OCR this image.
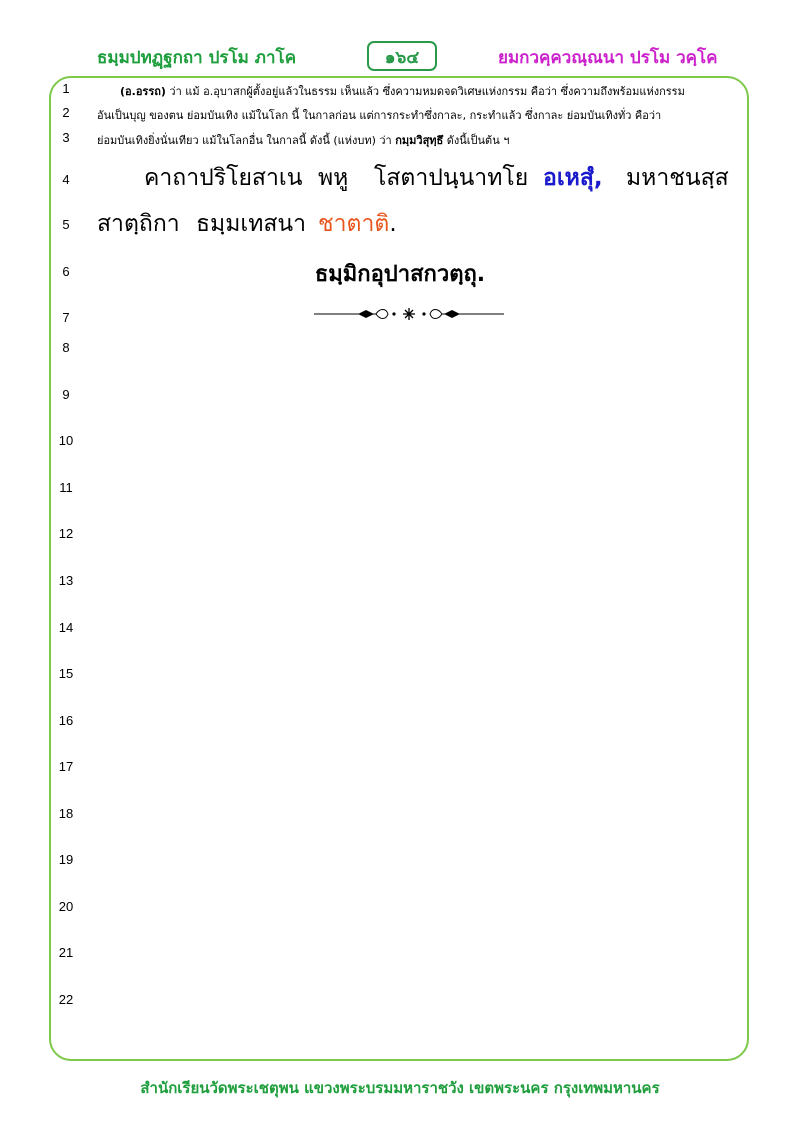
ธมฺมปทฏฺฐกถา ปรโม ภาโค	๑๖๔	ยมกวคฺควณฺณนา ปรโม วคฺโค
1	(อ.อรรถ) ว่า แม้ อ.อุบาสกผู้ตั้งอยู่แล้วในธรรม เห็นแล้ว ซึ่งความหมดจดวิเศษแห่งกรรม คือว่า ซึ่งความถึงพร้อมแห่งกรรม
2	อันเป็นบุญ ของตน ย่อมบันเทิง แม้ในโลก นี้ ในกาลก่อน แต่การกระทำซึ่งกาละ, กระทำแล้ว ซึ่งกาละ ย่อมบันเทิงทั่ว คือว่า
3	ย่อมบันเทิงยิ่งนั่นเทียว แม้ในโลกอื่น ในกาลนี้ ดังนี้ (แห่งบท) ว่า กมฺมวิสุทฺธึ ดังนี้เป็นต้น ฯ
4	คาถาปริโยสาเน พหู โสตาปนฺนาทโย อเหสุํ, มหาชนสฺส
5	สาตฺถิกา ธมฺมเทสนา ชาตาติ.
6	ธมฺมิกอุปาสกวตฺถุ.
7
8
9
10
11
12
13
14
15
16
17
18
19
20
21
22
สำนักเรียนวัดพระเชตุพน แขวงพระบรมมหาราชวัง เขตพระนคร กรุงเทพมหานคร
